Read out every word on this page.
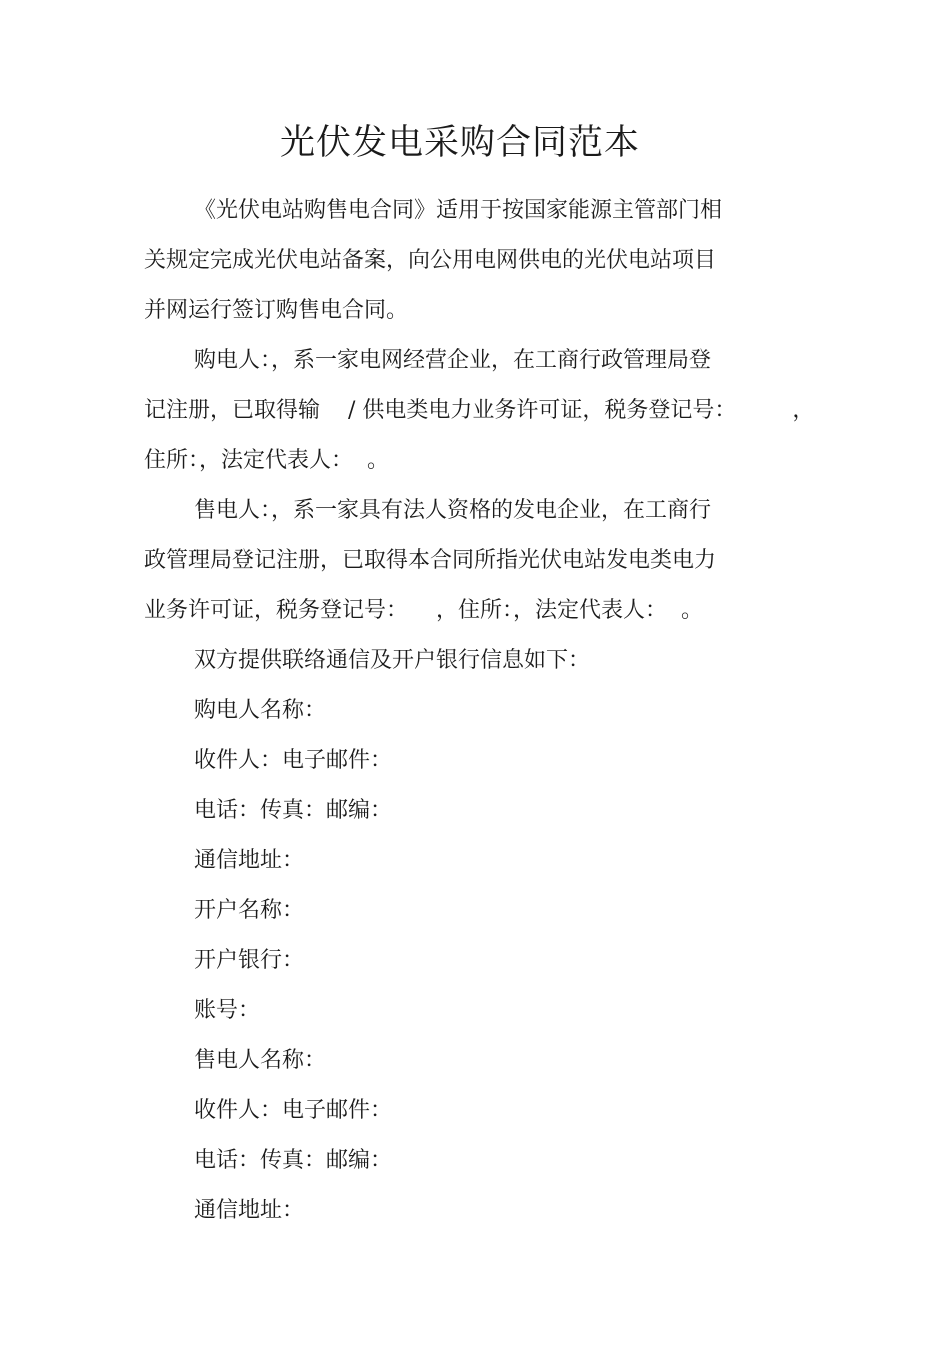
光伏发电采购合同范本

《光伏电站购售电合同》适用于按国家能源主管部门相
关规定完成光伏电站备案，向公用电网供电的光伏电站项目
并网运行签订购售电合同。

购电人：，系一家电网经营企业，在工商行政管理局登
记注册，已取得输    / 供电类电力业务许可证，税务登记号：        ，
住所：，法定代表人：  。

售电人：，系一家具有法人资格的发电企业，在工商行
政管理局登记注册，已取得本合同所指光伏电站发电类电力
业务许可证，税务登记号：    ，住所：，法定代表人：  。

双方提供联络通信及开户银行信息如下：

购电人名称：
收件人：电子邮件：
电话：传真：邮编：
通信地址：
开户名称：
开户银行：
账号：
售电人名称：
收件人：电子邮件：
电话：传真：邮编：
通信地址：
